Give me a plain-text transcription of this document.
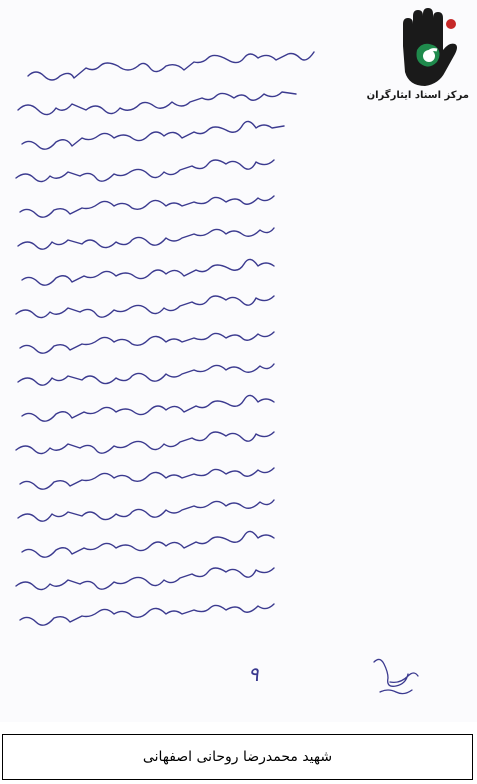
مرکز اسناد ایثارگران
۹
شهید محمدرضا روحانی اصفهانی
